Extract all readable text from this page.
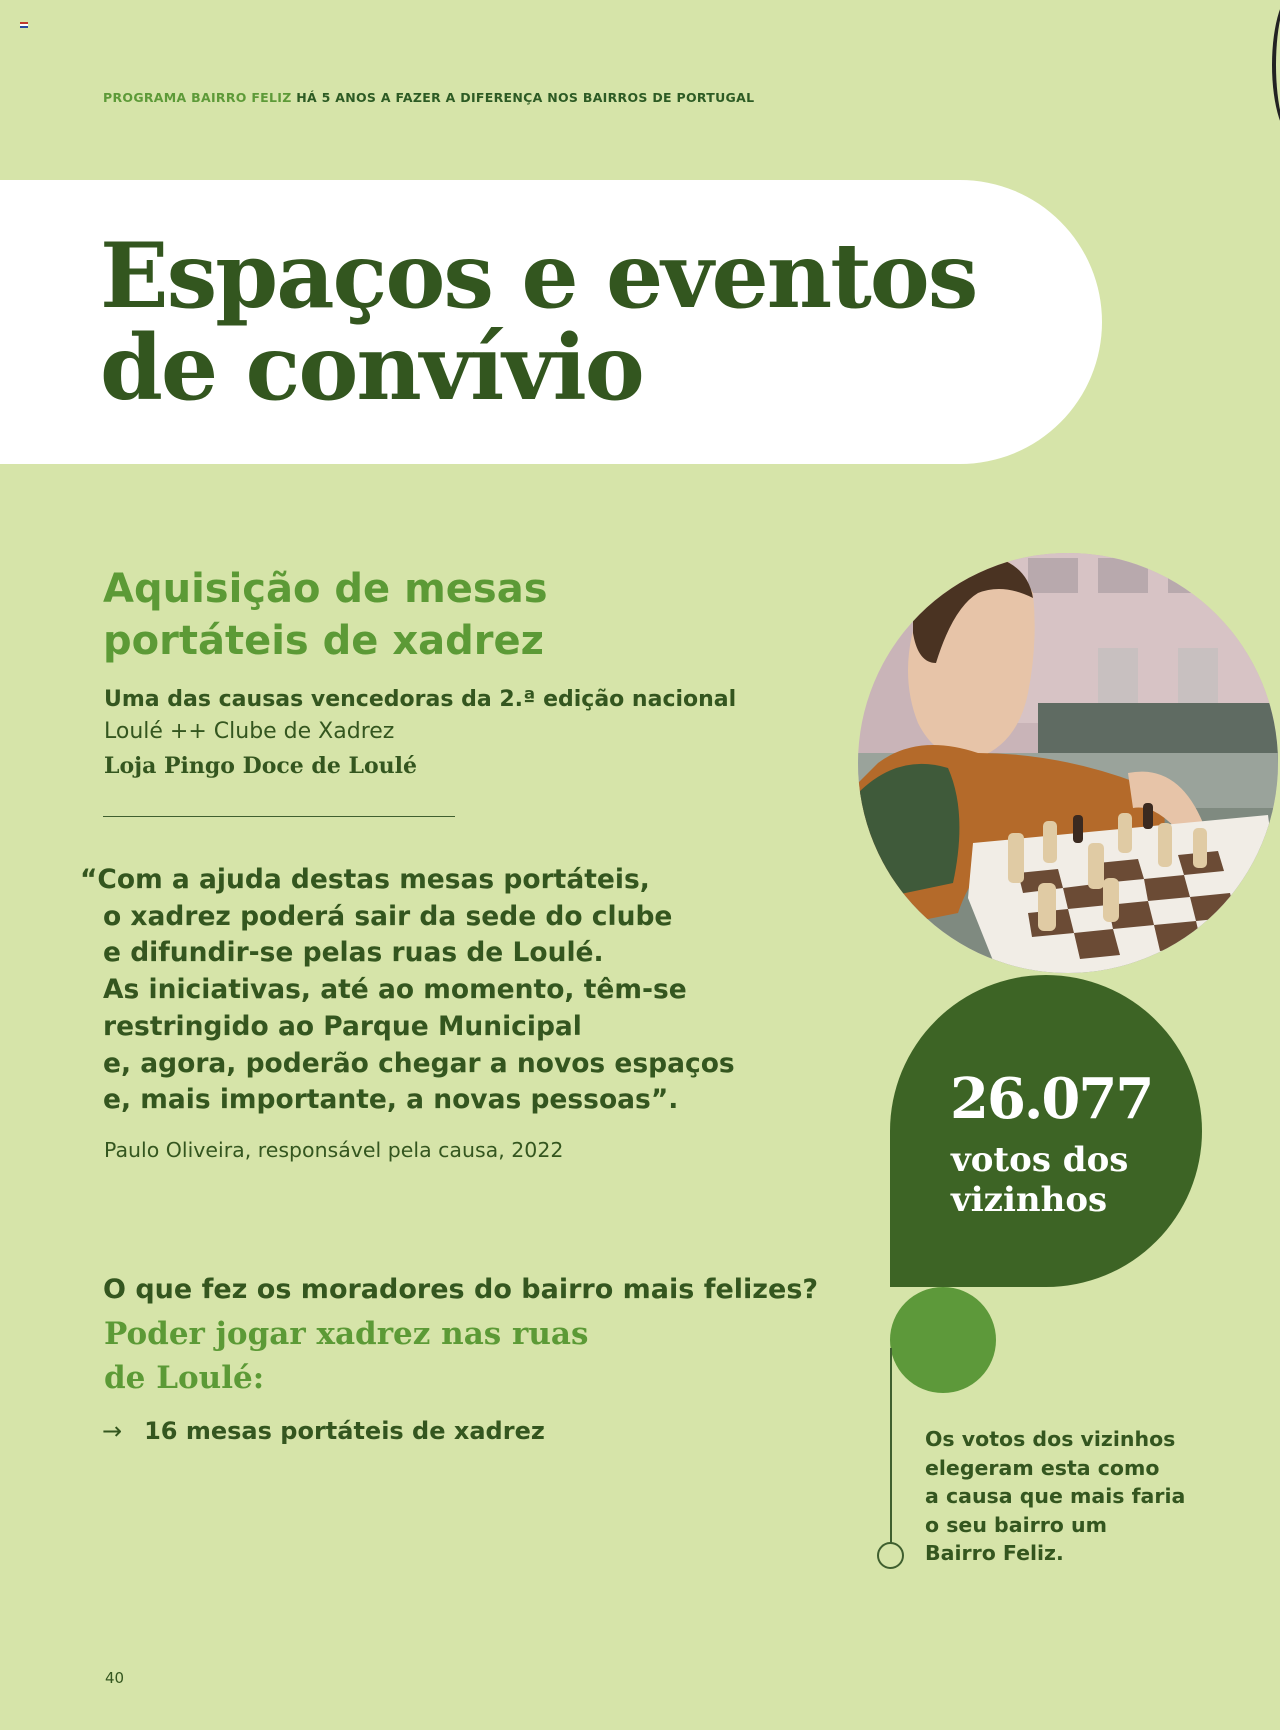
PROGRAMA BAIRRO FELIZ HÁ 5 ANOS A FAZER A DIFERENÇA NOS BAIRROS DE PORTUGAL
Espaços e eventos
de convívio
Aquisição de mesas
portáteis de xadrez
Uma das causas vencedoras da 2.ª edição nacional
Loulé ++ Clube de Xadrez
Loja Pingo Doce de Loulé
“Com a ajuda destas mesas portáteis,
o xadrez poderá sair da sede do clube
e difundir-se pelas ruas de Loulé.
As iniciativas, até ao momento, têm-se
restringido ao Parque Municipal
e, agora, poderão chegar a novos espaços
e, mais importante, a novas pessoas”.
Paulo Oliveira, responsável pela causa, 2022
O que fez os moradores do bairro mais felizes?
Poder jogar xadrez nas ruas
de Loulé:
→ 16 mesas portáteis de xadrez
26.077
votos dos
vizinhos
Os votos dos vizinhos
elegeram esta como
a causa que mais faria
o seu bairro um
Bairro Feliz.
40
